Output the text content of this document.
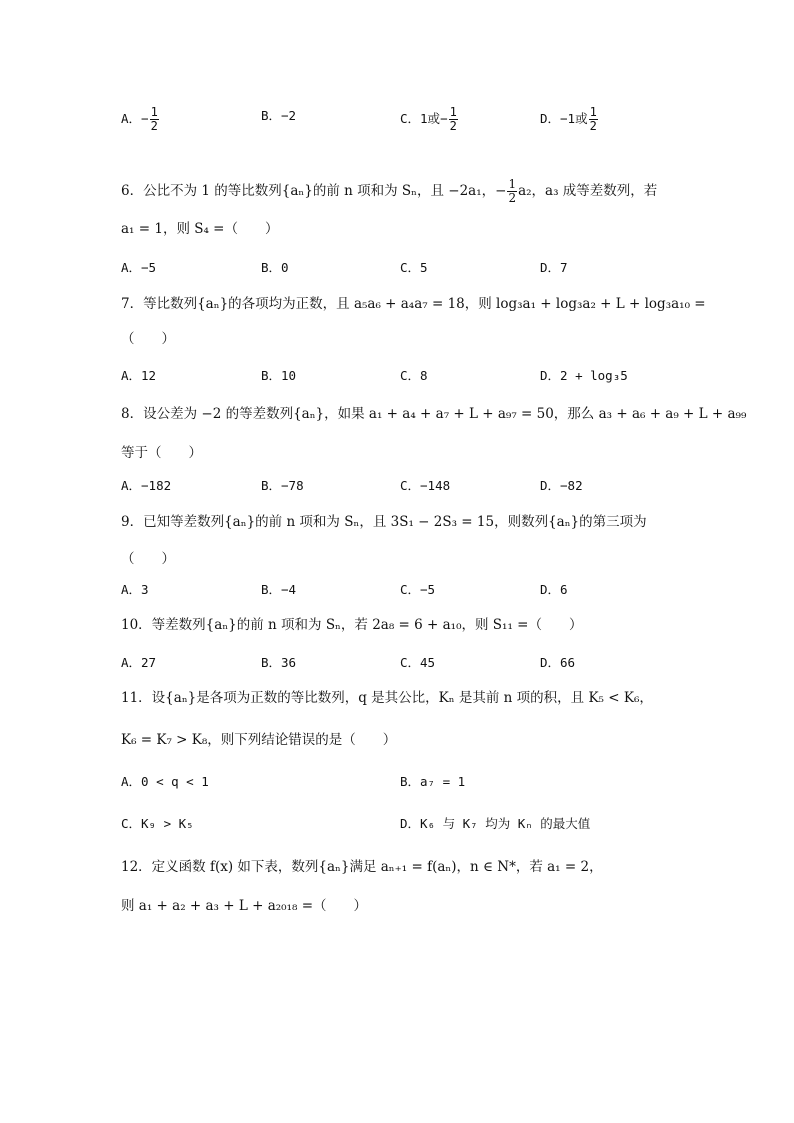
A．− $\frac{1}{2}$	B．−2	C．1或− $\frac{1}{2}$	D．−1或 $\frac{1}{2}$
6．公比不为 1 的等比数列{aₙ}的前 n 项和为 Sₙ，且 −2a₁，− $\frac{1}{2} a_2$，a₃ 成等差数列，若
a₁ = 1，则 S₄ =（　　）
A．−5	B．0	C．5	D．7
7．等比数列{aₙ}的各项均为正数，且 a₅a₆ + a₄a₇ = 18，则 log₃a₁ + log₃a₂ + L + log₃a₁₀ =
（　　）
A．12	B．10	C．8	D．2 + log₃5
8．设公差为 −2 的等差数列{aₙ}，如果 a₁ + a₄ + a₇ + L + a₉₇ = 50，那么 a₃ + a₆ + a₉ + L + a₉₉
等于（　　）
A．−182	B．−78	C．−148	D．−82
9．已知等差数列{aₙ}的前 n 项和为 Sₙ，且 3S₁ − 2S₃ = 15，则数列{aₙ}的第三项为
（　　）
A．3	B．−4	C．−5	D．6
10．等差数列{aₙ}的前 n 项和为 Sₙ，若 2a₈ = 6 + a₁₀，则 S₁₁ =（　　）
A．27	B．36	C．45	D．66
11．设{aₙ}是各项为正数的等比数列，q 是其公比，Kₙ 是其前 n 项的积，且 K₅ < K₆，
K₆ = K₇ > K₈，则下列结论错误的是（　　）
A．0 < q < 1	B．a₇ = 1
C．K₉ > K₅	D．K₆ 与 K₇ 均为 Kₙ 的最大值
12．定义函数 f(x) 如下表，数列{aₙ}满足 aₙ₊₁ = f(aₙ)，n ∈ N*，若 a₁ = 2，
则 a₁ + a₂ + a₃ + L + a₂₀₁₈ =（　　）
